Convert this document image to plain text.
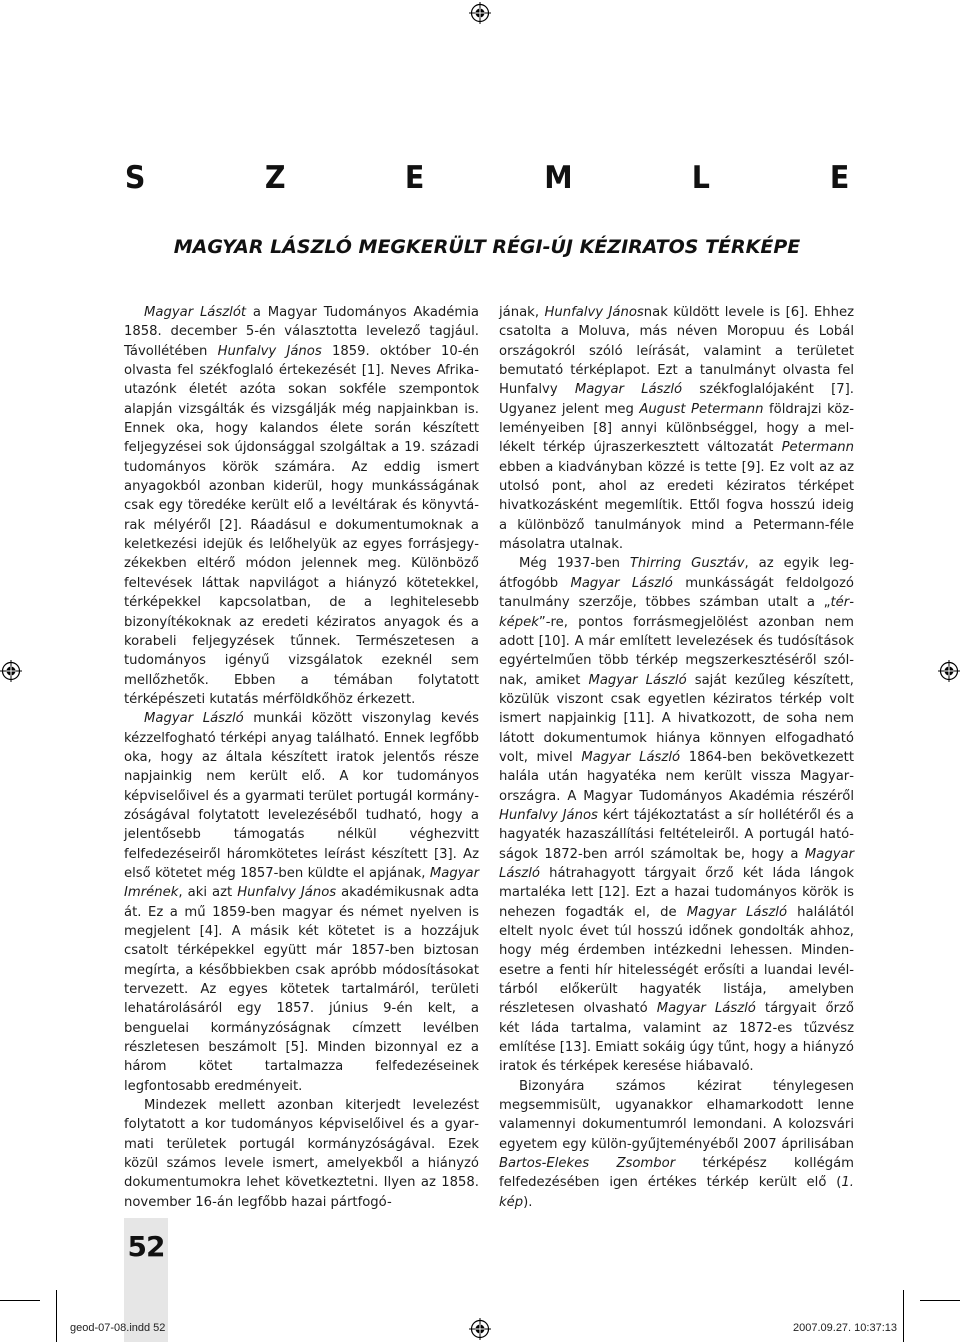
S	Z	E	M	L	E
MAGYAR LÁSZLÓ MEGKERÜLT RÉGI-ÚJ KÉZIRATOS TÉRKÉPE

Magyar Lászlót a Magyar Tudományos Akadémia 1858. december 5-én választotta levelező tagjául. Távollétében Hunfalvy János 1859. október 10-én olvasta fel székfoglaló értekezését [1]. Neves Afrika-utazónk életét azóta sokan sokféle szempontok alapján vizsgálták és vizsgálják még napjainkban is. Ennek oka, hogy kalandos élete során készített feljegyzései sok újdonsággal szolgáltak a 19. századi tudományos körök számára. Az eddig ismert anyagokból azonban kiderül, hogy munkásságának csak egy töredéke került elő a levéltárak és könyvtárak mélyéről [2]. Ráadásul e dokumentumoknak a keletkezési idejük és lelőhelyük az egyes forrásjegyzékekben eltérő módon jelennek meg. Különböző feltevések láttak napvilágot a hiányzó kötetekkel, térképekkel kapcsolatban, de a leghitelesebb bizonyítékoknak az eredeti kéziratos anyagok és a korabeli feljegyzések tűnnek. Természetesen a tudományos igényű vizsgálatok ezeknél sem mellőzhetők. Ebben a témában folytatott térképészeti kutatás mérföldkőhöz érkezett.

Magyar László munkái között viszonylag kevés kézzelfogható térképi anyag található. Ennek legfőbb oka, hogy az általa készített iratok jelentős része napjainkig nem került elő. A kor tudományos képviselőivel és a gyarmati terület portugál kormányzóságával folytatott levelezéséből tudható, hogy a jelentősebb támogatás nélkül véghezvitt felfedezéseiről háromkötetes leírást készített [3]. Az első kötetet még 1857-ben küldte el apjának, Magyar Imrének, aki azt Hunfalvy János akadémikusnak adta át. Ez a mű 1859-ben magyar és német nyelven is megjelent [4]. A másik két kötetet is a hozzájuk csatolt térképekkel együtt már 1857-ben biztosan megírta, a későbbiekben csak apróbb módosításokat tervezett. Az egyes kötetek tartalmáról, területi lehatárolásáról egy 1857. június 9-én kelt, a benguelai kormányzóságnak címzett levélben részletesen beszámolt [5]. Minden bizonnyal ez a három kötet tartalmazza felfedezéseinek legfontosabb eredményeit.

Mindezek mellett azonban kiterjedt levelezést folytatott a kor tudományos képviselőivel és a gyarmati területek portugál kormányzóságával. Ezek közül számos levele ismert, amelyekből a hiányzó dokumentumokra lehet következtetni. Ilyen az 1858. november 16-án legfőbb hazai pártfogó-

jának, Hunfalvy Jánosnak küldött levele is [6]. Ehhez csatolta a Moluva, más néven Moropuu és Lobál országokról szóló leírását, valamint a területet bemutató térképlapot. Ezt a tanulmányt olvasta fel Hunfalvy Magyar László székfoglalójaként [7]. Ugyanez jelent meg August Petermann földrajzi közleményeiben [8] annyi különbséggel, hogy a mellékelt térkép újraszerkesztett változatát Petermann ebben a kiadványban közzé is tette [9]. Ez volt az az utolsó pont, ahol az eredeti kéziratos térképet hivatkozásként megemlítik. Ettől fogva hosszú ideig a különböző tanulmányok mind a Petermann-féle másolatra utalnak.

Még 1937-ben Thirring Gusztáv, az egyik legátfogóbb Magyar László munkásságát feldolgozó tanulmány szerzője, többes számban utalt a „térképek”-re, pontos forrásmegjelölést azonban nem adott [10]. A már említett levelezések és tudósítások egyértelműen több térkép megszerkesztéséről szólnak, amiket Magyar László saját kezűleg készített, közülük viszont csak egyetlen kéziratos térkép volt ismert napjainkig [11]. A hivatkozott, de soha nem látott dokumentumok hiánya könnyen elfogadható volt, mivel Magyar László 1864-ben bekövetkezett halála után hagyatéka nem került vissza Magyarországra. A Magyar Tudományos Akadémia részéről Hunfalvy János kért tájékoztatást a sír hollétéről és a hagyaték hazaszállítási feltételeiről. A portugál hatóságok 1872-ben arról számoltak be, hogy a Magyar László hátrahagyott tárgyait őrző két láda lángok martaléka lett [12]. Ezt a hazai tudományos körök is nehezen fogadták el, de Magyar László halálától eltelt nyolc évet túl hosszú időnek gondolták ahhoz, hogy még érdemben intézkedni lehessen. Mindenesetre a fenti hír hitelességét erősíti a luandai levéltárból előkerült hagyaték listája, amelyben részletesen olvasható Magyar László tárgyait őrző két láda tartalma, valamint az 1872-es tűzvész említése [13]. Emiatt sokáig úgy tűnt, hogy a hiányzó iratok és térképek keresése hiábavaló.

Bizonyára számos kézirat ténylegesen megsemmisült, ugyanakkor elhamarkodott lenne valamennyi dokumentumról lemondani. A kolozsvári egyetem egy külön-gyűjteményéből 2007 áprilisában Bartos-Elekes Zsombor térképész kollégám felfedezésében igen értékes térkép került elő (1. kép).

52
geod-07-08.indd 52	2007.09.27. 10:37:13
